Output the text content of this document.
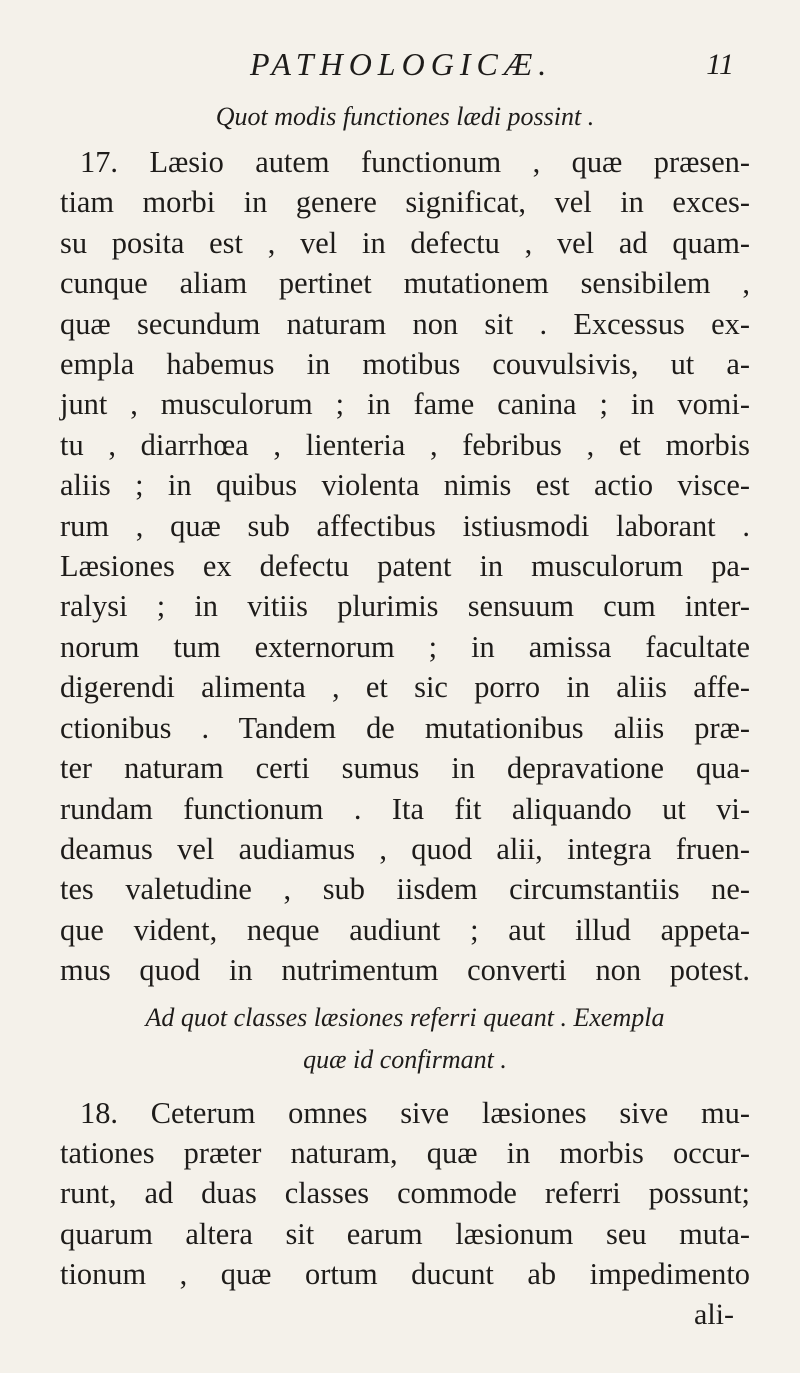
PATHOLOGICÆ.	11

Quot modis functiones lædi possint .

17. Læsio autem functionum , quæ præsen-
tiam morbi in genere significat, vel in exces-
su posita est , vel in defectu , vel ad quam-
cunque aliam pertinet mutationem sensibilem ,
quæ secundum naturam non sit . Excessus ex-
empla habemus in motibus couvulsivis, ut a-
junt , musculorum ; in fame canina ; in vomi-
tu , diarrhœa , lienteria , febribus , et morbis
aliis ; in quibus violenta nimis est actio visce-
rum , quæ sub affectibus istiusmodi laborant .
Læsiones ex defectu patent in musculorum pa-
ralysi ; in vitiis plurimis sensuum cum inter-
norum tum externorum ; in amissa facultate
digerendi alimenta , et sic porro in aliis affe-
ctionibus . Tandem de mutationibus aliis præ-
ter naturam certi sumus in depravatione qua-
rundam functionum . Ita fit aliquando ut vi-
deamus vel audiamus , quod alii, integra fruen-
tes valetudine , sub iisdem circumstantiis ne-
que vident, neque audiunt ; aut illud appeta-
mus quod in nutrimentum converti non potest.

Ad quot classes læsiones referri queant . Exempla
quæ id confirmant .

18. Ceterum omnes sive læsiones sive mu-
tationes præter naturam, quæ in morbis occur-
runt, ad duas classes commode referri possunt;
quarum altera sit earum læsionum seu muta-
tionum , quæ ortum ducunt ab impedimento
ali-
